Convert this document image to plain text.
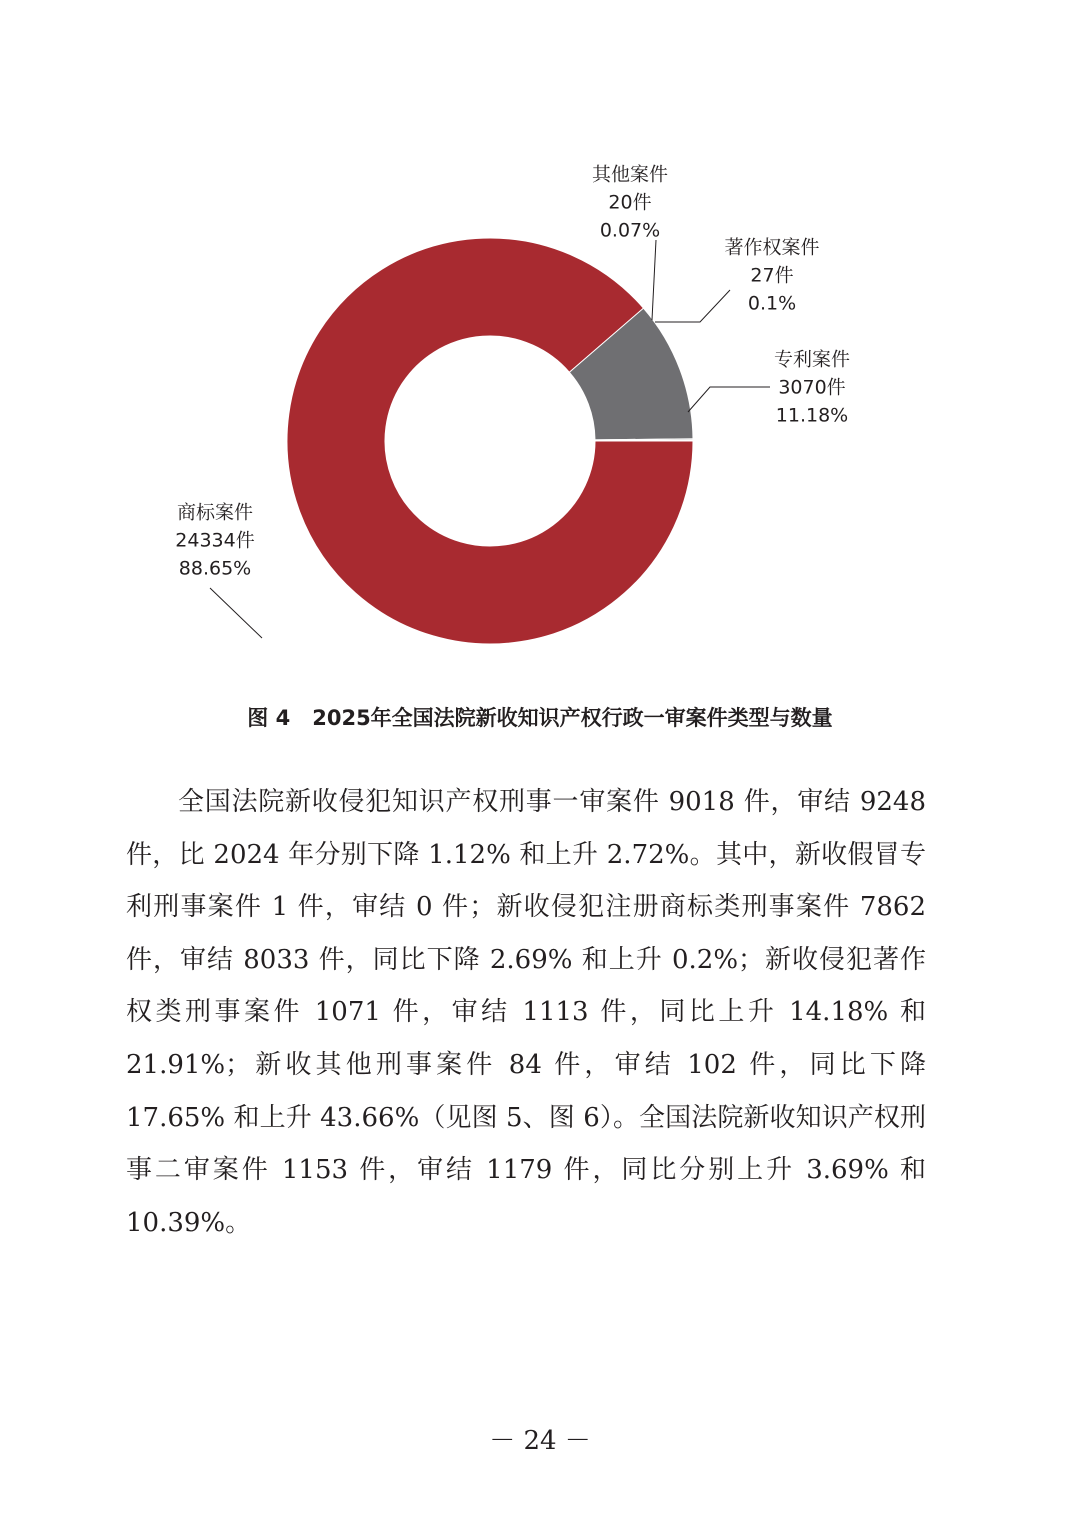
商标案件
24334件
88.65%
专利案件
3070件
11.18%
著作权案件
27件
0.1%
其他案件
20件
0.07%
图 4 2025年全国法院新收知识产权行政一审案件类型与数量

全国法院新收侵犯知识产权刑事一审案件 9018 件，审结 9248 件，比 2024 年分别下降 1.12% 和上升 2.72%。其中，新收假冒专利刑事案件 1 件，审结 0 件；新收侵犯注册商标类刑事案件 7862 件，审结 8033 件，同比下降 2.69% 和上升 0.2%；新收侵犯著作权类刑事案件 1071 件，审结 1113 件，同比上升 14.18% 和 21.91%；新收其他刑事案件 84 件，审结 102 件，同比下降 17.65% 和上升 43.66%（见图 5、图 6）。全国法院新收知识产权刑事二审案件 1153 件，审结 1179 件，同比分别上升 3.69% 和 10.39%。

－ 24 －
